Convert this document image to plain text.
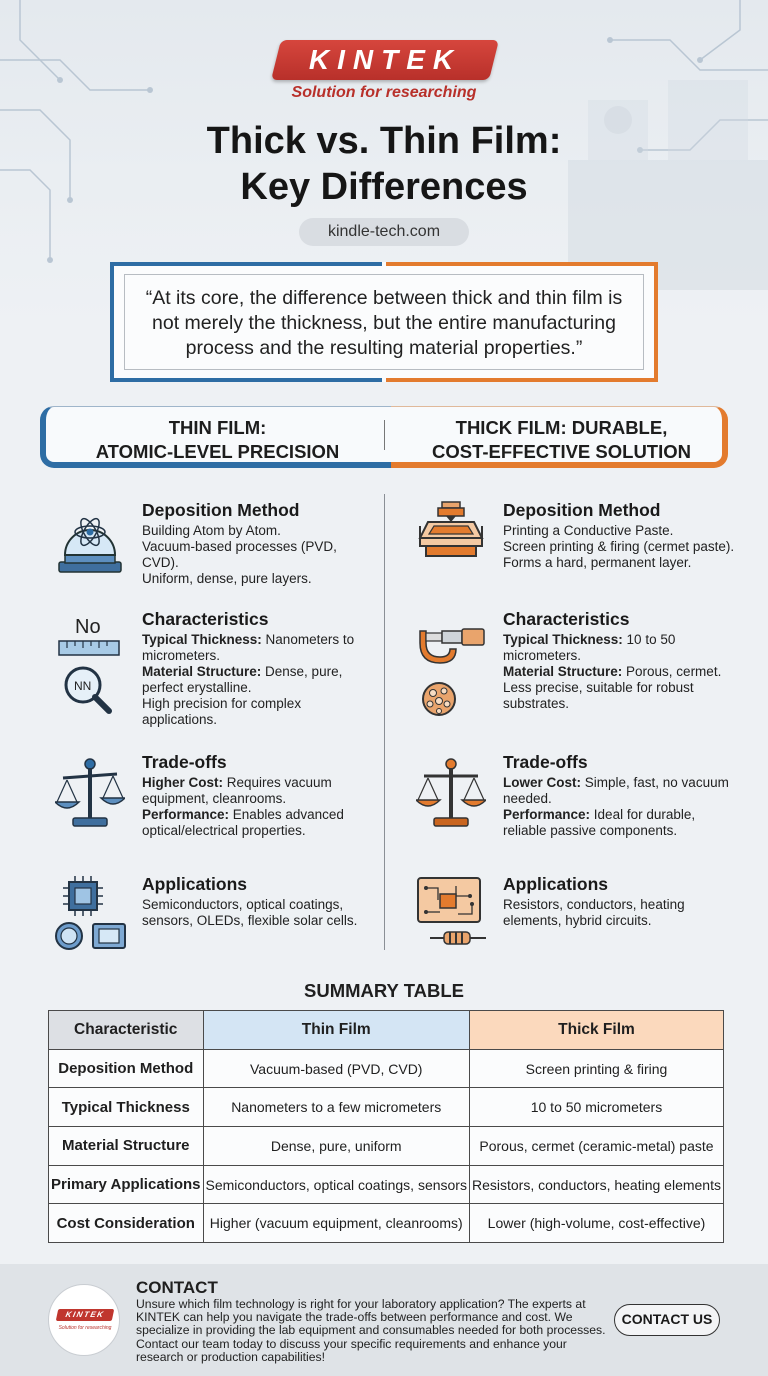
KINTEK
Solution for researching
Thick vs. Thin Film:
Key Differences
kindle-tech.com
“At its core, the difference between thick and thin film is not merely the thickness, but the entire manufacturing process and the resulting material properties.”
THIN FILM:
ATOMIC-LEVEL PRECISION
THICK FILM: DURABLE,
COST-EFFECTIVE SOLUTION
Deposition Method
Building Atom by Atom.
Vacuum-based processes (PVD, CVD).
Uniform, dense, pure layers.
No
NN
Characteristics
Typical Thickness: Nanometers to micrometers.
Material Structure: Dense, pure, perfect erystalline.
High precision for complex applications.
Trade-offs
Higher Cost: Requires vacuum equipment, cleanrooms.
Performance: Enables advanced optical/electrical properties.
Applications
Semiconductors, optical coatings, sensors, OLEDs, flexible solar cells.
Deposition Method
Printing a Conductive Paste.
Screen printing & firing (cermet paste).
Forms a hard, permanent layer.
Characteristics
Typical Thickness: 10 to 50 micrometers.
Material Structure: Porous, cermet.
Less precise, suitable for robust substrates.
Trade-offs
Lower Cost: Simple, fast, no vacuum needed.
Performance: Ideal for durable, reliable passive components.
Applications
Resistors, conductors, heating elements, hybrid circuits.
SUMMARY TABLE
Characteristic	Thin Film	Thick Film
Deposition Method	Vacuum-based (PVD, CVD)	Screen printing & firing
Typical Thickness	Nanometers to a few micrometers	10 to 50 micrometers
Material Structure	Dense, pure, uniform	Porous, cermet (ceramic-metal) paste
Primary Applications	Semiconductors, optical coatings, sensors	Resistors, conductors, heating elements
Cost Consideration	Higher (vacuum equipment, cleanrooms)	Lower (high-volume, cost-effective)
KINTEK
Solution for researching
CONTACT
Unsure which film technology is right for your laboratory application? The experts at KINTEK can help you navigate the trade-offs between performance and cost. We specialize in providing the lab equipment and consumables needed for both processes. Contact our team today to discuss your specific requirements and enhance your research or production capabilities!
CONTACT US
